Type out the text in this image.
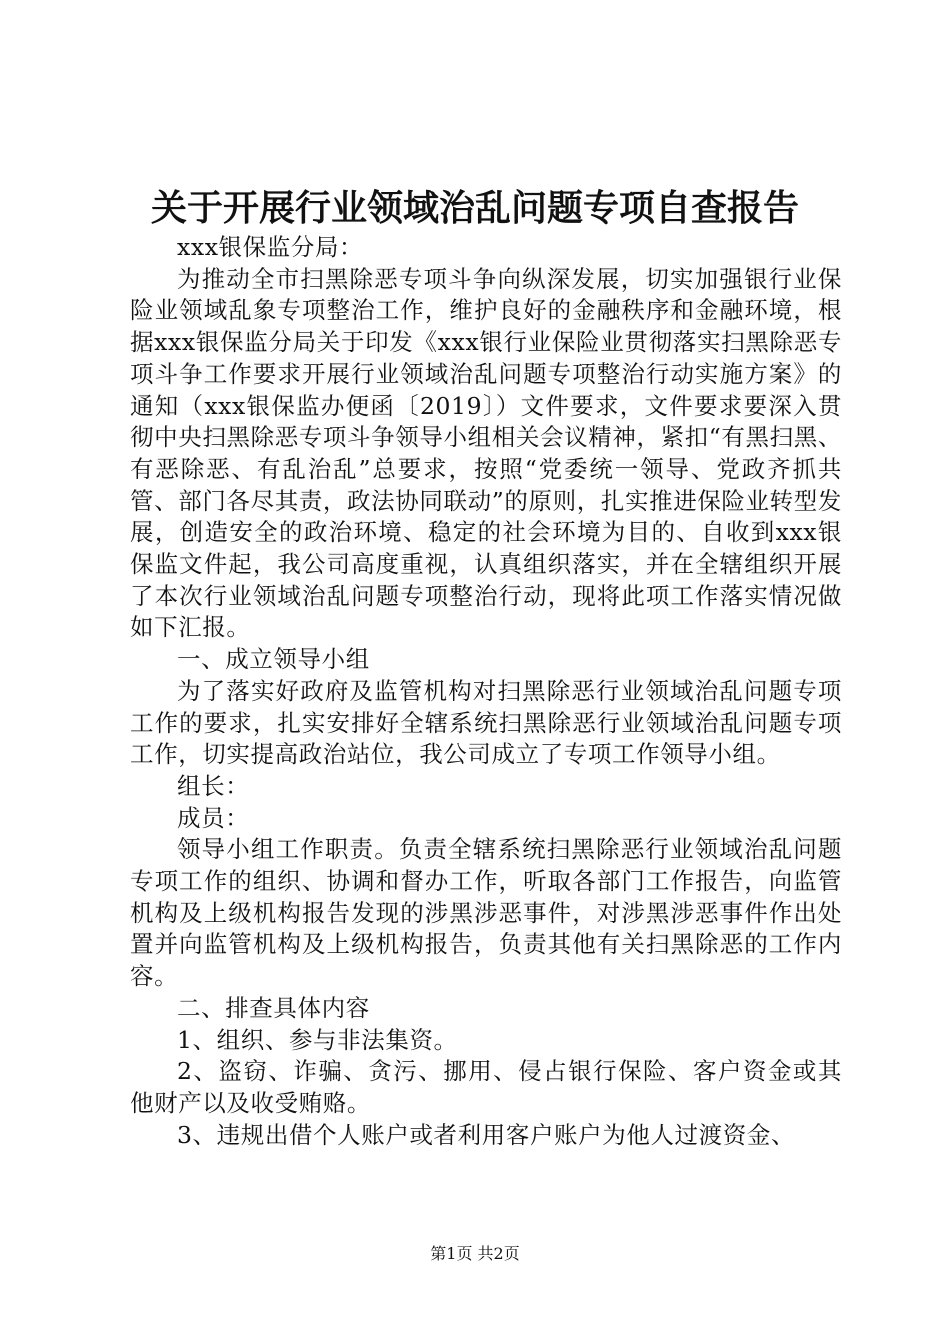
关于开展行业领域治乱问题专项自查报告

xxx银保监分局：

为推动全市扫黑除恶专项斗争向纵深发展，切实加强银行业保险业领域乱象专项整治工作，维护良好的金融秩序和金融环境，根据xxx银保监分局关于印发《xxx银行业保险业贯彻落实扫黑除恶专项斗争工作要求开展行业领域治乱问题专项整治行动实施方案》的通知（xxx银保监办便函〔2019〕）文件要求，文件要求要深入贯彻中央扫黑除恶专项斗争领导小组相关会议精神，紧扣“有黑扫黑、有恶除恶、有乱治乱”总要求，按照“党委统一领导、党政齐抓共管、部门各尽其责，政法协同联动”的原则，扎实推进保险业转型发展，创造安全的政治环境、稳定的社会环境为目的、自收到xxx银保监文件起，我公司高度重视，认真组织落实，并在全辖组织开展了本次行业领域治乱问题专项整治行动，现将此项工作落实情况做如下汇报。

一、成立领导小组

为了落实好政府及监管机构对扫黑除恶行业领域治乱问题专项工作的要求，扎实安排好全辖系统扫黑除恶行业领域治乱问题专项工作，切实提高政治站位，我公司成立了专项工作领导小组。

组长：

成员：

领导小组工作职责。负责全辖系统扫黑除恶行业领域治乱问题专项工作的组织、协调和督办工作，听取各部门工作报告，向监管机构及上级机构报告发现的涉黑涉恶事件，对涉黑涉恶事件作出处置并向监管机构及上级机构报告，负责其他有关扫黑除恶的工作内容。

二、排查具体内容

1、组织、参与非法集资。

2、盗窃、诈骗、贪污、挪用、侵占银行保险、客户资金或其他财产以及收受贿赂。

3、违规出借个人账户或者利用客户账户为他人过渡资金、

第1页 共2页
